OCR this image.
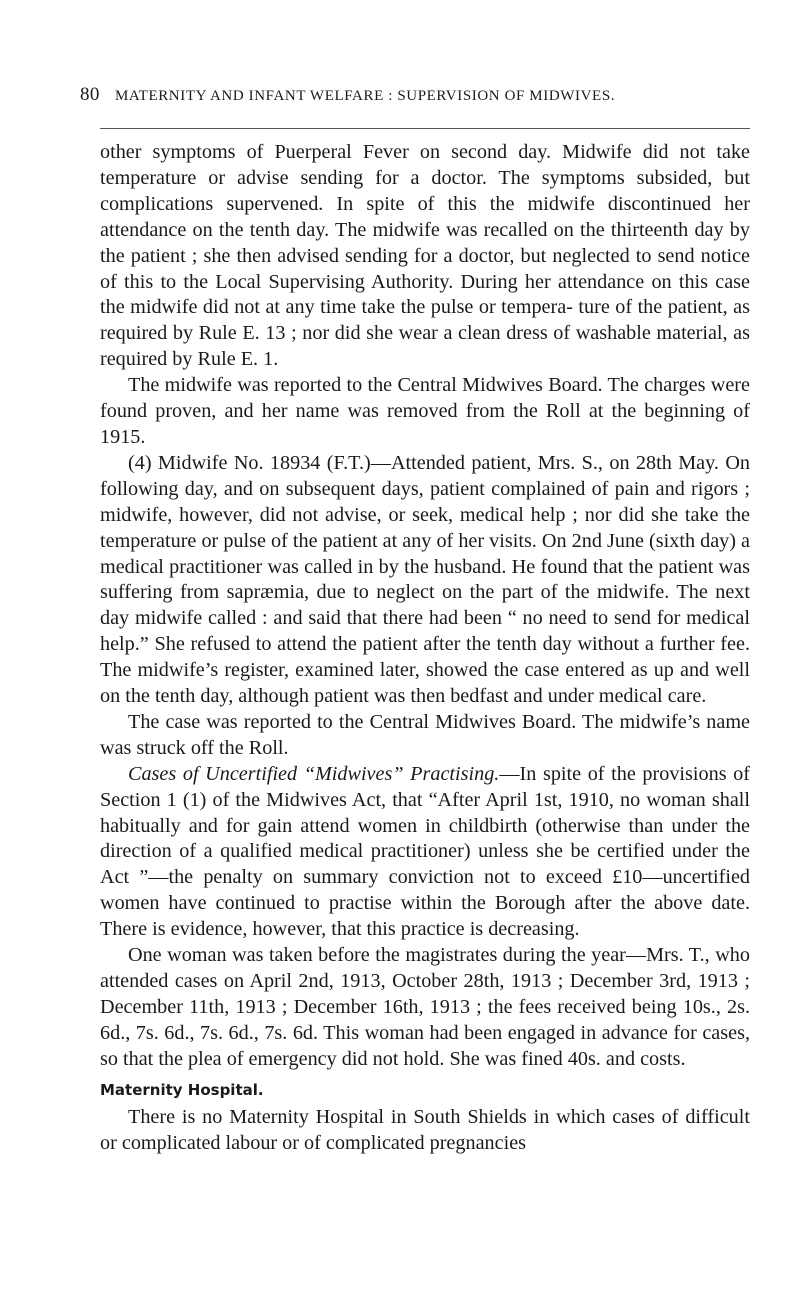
80 MATERNITY AND INFANT WELFARE : SUPERVISION OF MIDWIVES.

other symptoms of Puerperal Fever on second day. Midwife did not take temperature or advise sending for a doctor. The symptoms subsided, but complications supervened. In spite of this the midwife discontinued her attendance on the tenth day. The midwife was recalled on the thirteenth day by the patient ; she then advised sending for a doctor, but neglected to send notice of this to the Local Supervising Authority. During her attendance on this case the midwife did not at any time take the pulse or tempera- ture of the patient, as required by Rule E. 13 ; nor did she wear a clean dress of washable material, as required by Rule E. 1.

The midwife was reported to the Central Midwives Board. The charges were found proven, and her name was removed from the Roll at the beginning of 1915.

(4) Midwife No. 18934 (F.T.)—Attended patient, Mrs. S., on 28th May. On following day, and on subsequent days, patient complained of pain and rigors ; midwife, however, did not advise, or seek, medical help ; nor did she take the temperature or pulse of the patient at any of her visits. On 2nd June (sixth day) a medical practitioner was called in by the husband. He found that the patient was suffering from sapræmia, due to neglect on the part of the midwife. The next day midwife called : and said that there had been “ no need to send for medical help.” She refused to attend the patient after the tenth day without a further fee. The midwife’s register, examined later, showed the case entered as up and well on the tenth day, although patient was then bedfast and under medical care.

The case was reported to the Central Midwives Board. The midwife’s name was struck off the Roll.

Cases of Uncertified “Midwives” Practising.—In spite of the provisions of Section 1 (1) of the Midwives Act, that “After April 1st, 1910, no woman shall habitually and for gain attend women in childbirth (otherwise than under the direction of a qualified medical practitioner) unless she be certified under the Act ”—the penalty on summary conviction not to exceed £10—uncertified women have continued to practise within the Borough after the above date. There is evidence, however, that this practice is decreasing.

One woman was taken before the magistrates during the year—Mrs. T., who attended cases on April 2nd, 1913, October 28th, 1913 ; December 3rd, 1913 ; December 11th, 1913 ; December 16th, 1913 ; the fees received being 10s., 2s. 6d., 7s. 6d., 7s. 6d., 7s. 6d. This woman had been engaged in advance for cases, so that the plea of emergency did not hold. She was fined 40s. and costs.

Maternity Hospital.

There is no Maternity Hospital in South Shields in which cases of difficult or complicated labour or of complicated pregnancies
